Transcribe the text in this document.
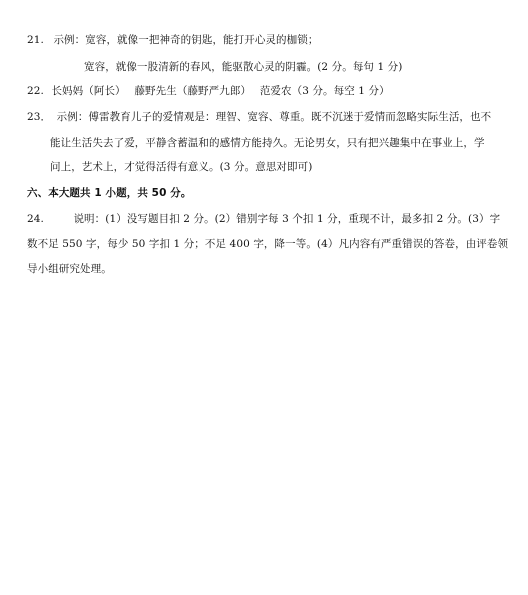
21. 示例：宽容，就像一把神奇的钥匙，能打开心灵的枷锁；
宽容，就像一股清新的春风，能驱散心灵的阴霾。(2 分。每句 1 分)
22. 长妈妈（阿长）　 藤野先生（藤野严九郎）　 范爱农（3 分。每空 1 分）
23． 示例：傅雷教育儿子的爱情观是：理智、宽容、尊重。既不沉迷于爱情而忽略实际生活，也不
能让生活失去了爱，平静含蓄温和的感情方能持久。无论男女，只有把兴趣集中在事业上，学
问上，艺术上，才觉得活得有意义。(3 分。意思对即可)
六、本大题共 1 小题，共 50 分。
24.	说明：(1）没写题目扣 2 分。(2）错别字每 3 个扣 1 分，重现不计，最多扣 2 分。(3）字
数不足 550 字，每少 50 字扣 1 分；不足 400 字，降一等。(4）凡内容有严重错误的答卷，由评卷领
导小组研究处理。
